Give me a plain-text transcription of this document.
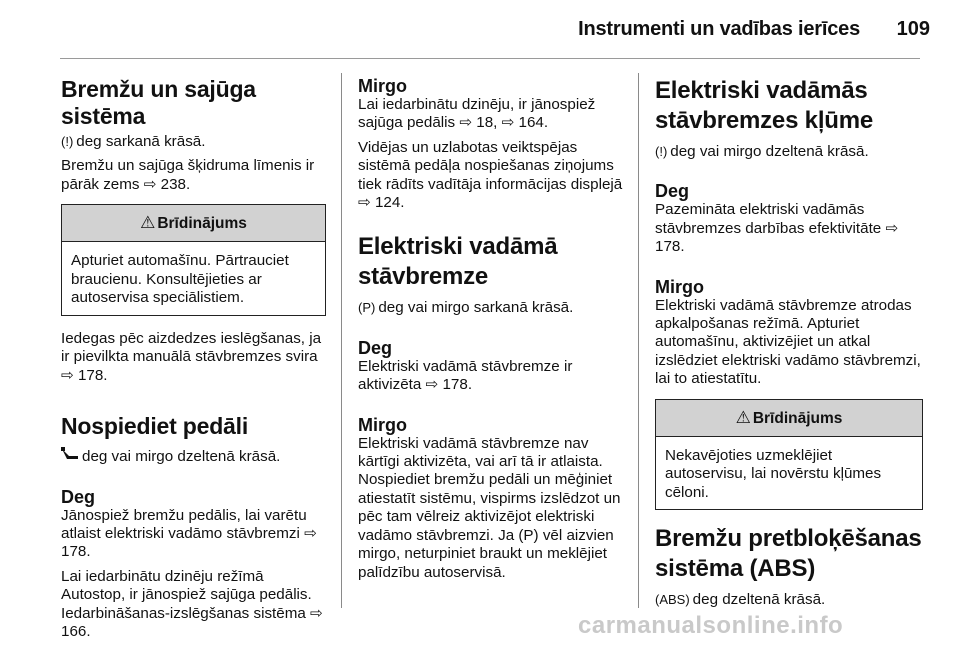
Instrumenti un vadības ierīces	109
Bremžu un sajūga sistēma

(!) deg sarkanā krāsā.

Bremžu un sajūga šķidruma līmenis ir pārāk zems ⇨ 238.

⚠ Brīdinājums
Apturiet automašīnu. Pārtrauciet braucienu. Konsultējieties ar autoservisa speciālistiem.

Iedegas pēc aizdedzes ieslēgšanas, ja ir pievilkta manuālā stāvbremzes svira ⇨ 178.

Nospiediet pedāli

deg vai mirgo dzeltenā krāsā.

Deg

Jānospiež bremžu pedālis, lai varētu atlaist elektriski vadāmo stāvbremzi ⇨ 178.

Lai iedarbinātu dzinēju režīmā Autostop, ir jānospiež sajūga pedālis. Iedarbināšanas-izslēgšanas sistēma ⇨ 166.

Mirgo

Lai iedarbinātu dzinēju, ir jānospiež sajūga pedālis ⇨ 18, ⇨ 164.

Vidējas un uzlabotas veiktspējas sistēmā pedāļa nospiešanas ziņojums tiek rādīts vadītāja informācijas displejā ⇨ 124.

Elektriski vadāmā stāvbremze

(P) deg vai mirgo sarkanā krāsā.

Deg

Elektriski vadāmā stāvbremze ir aktivizēta ⇨ 178.

Mirgo

Elektriski vadāmā stāvbremze nav kārtīgi aktivizēta, vai arī tā ir atlaista. Nospiediet bremžu pedāli un mēģiniet atiestatīt sistēmu, vispirms izslēdzot un pēc tam vēlreiz aktivizējot elektriski vadāmo stāvbremzi. Ja (P) vēl aizvien mirgo, neturpiniet braukt un meklējiet palīdzību autoservisā.

Elektriski vadāmās stāvbremzes kļūme

(!) deg vai mirgo dzeltenā krāsā.

Deg

Pazemināta elektriski vadāmās stāvbremzes darbības efektivitāte ⇨ 178.

Mirgo

Elektriski vadāmā stāvbremze atrodas apkalpošanas režīmā. Apturiet automašīnu, aktivizējiet un atkal izslēdziet elektriski vadāmo stāvbremzi, lai to atiestatītu.

⚠ Brīdinājums
Nekavējoties uzmeklējiet autoservisu, lai novērstu kļūmes cēloni.
Bremžu pretbloķēšanas sistēma (ABS)

(ABS) deg dzeltenā krāsā.

carmanualsonline.info
